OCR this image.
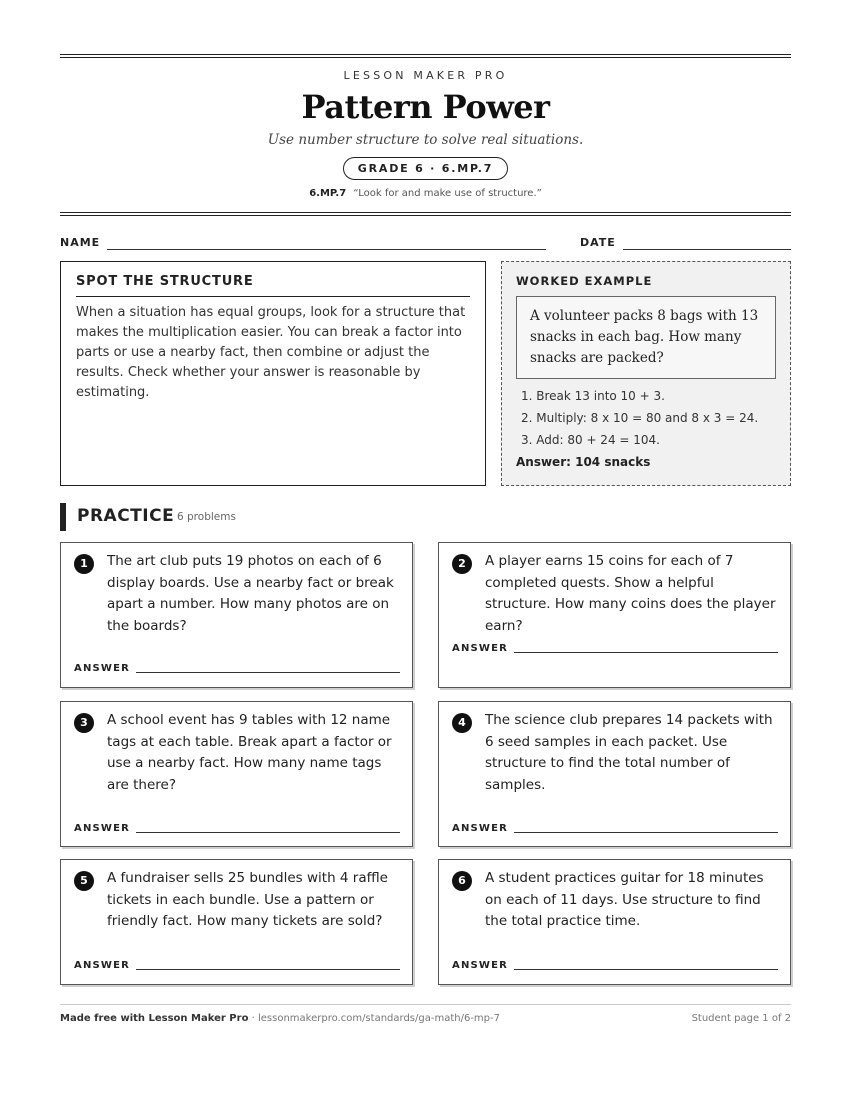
LESSON MAKER PRO
Pattern Power
Use number structure to solve real situations.
GRADE 6 · 6.MP.7
6.MP.7 “Look for and make use of structure.”
NAME	DATE
SPOT THE STRUCTURE
When a situation has equal groups, look for a structure that makes the multiplication easier. You can break a factor into parts or use a nearby fact, then combine or adjust the results. Check whether your answer is reasonable by estimating.
WORKED EXAMPLE
A volunteer packs 8 bags with 13 snacks in each bag. How many snacks are packed?
1. Break 13 into 10 + 3.
2. Multiply: 8 x 10 = 80 and 8 x 3 = 24.
3. Add: 80 + 24 = 104.
Answer: 104 snacks
PRACTICE 6 problems
1	The art club puts 19 photos on each of 6 display boards. Use a nearby fact or break apart a number. How many photos are on the boards?
ANSWER
2	A player earns 15 coins for each of 7 completed quests. Show a helpful structure. How many coins does the player earn?
ANSWER
3	A school event has 9 tables with 12 name tags at each table. Break apart a factor or use a nearby fact. How many name tags are there?
ANSWER
4	The science club prepares 14 packets with 6 seed samples in each packet. Use structure to find the total number of samples.
ANSWER
5	A fundraiser sells 25 bundles with 4 raffle tickets in each bundle. Use a pattern or friendly fact. How many tickets are sold?
ANSWER
6	A student practices guitar for 18 minutes on each of 11 days. Use structure to find the total practice time.
ANSWER
Made free with Lesson Maker Pro · lessonmakerpro.com/standards/ga-math/6-mp-7	Student page 1 of 2
